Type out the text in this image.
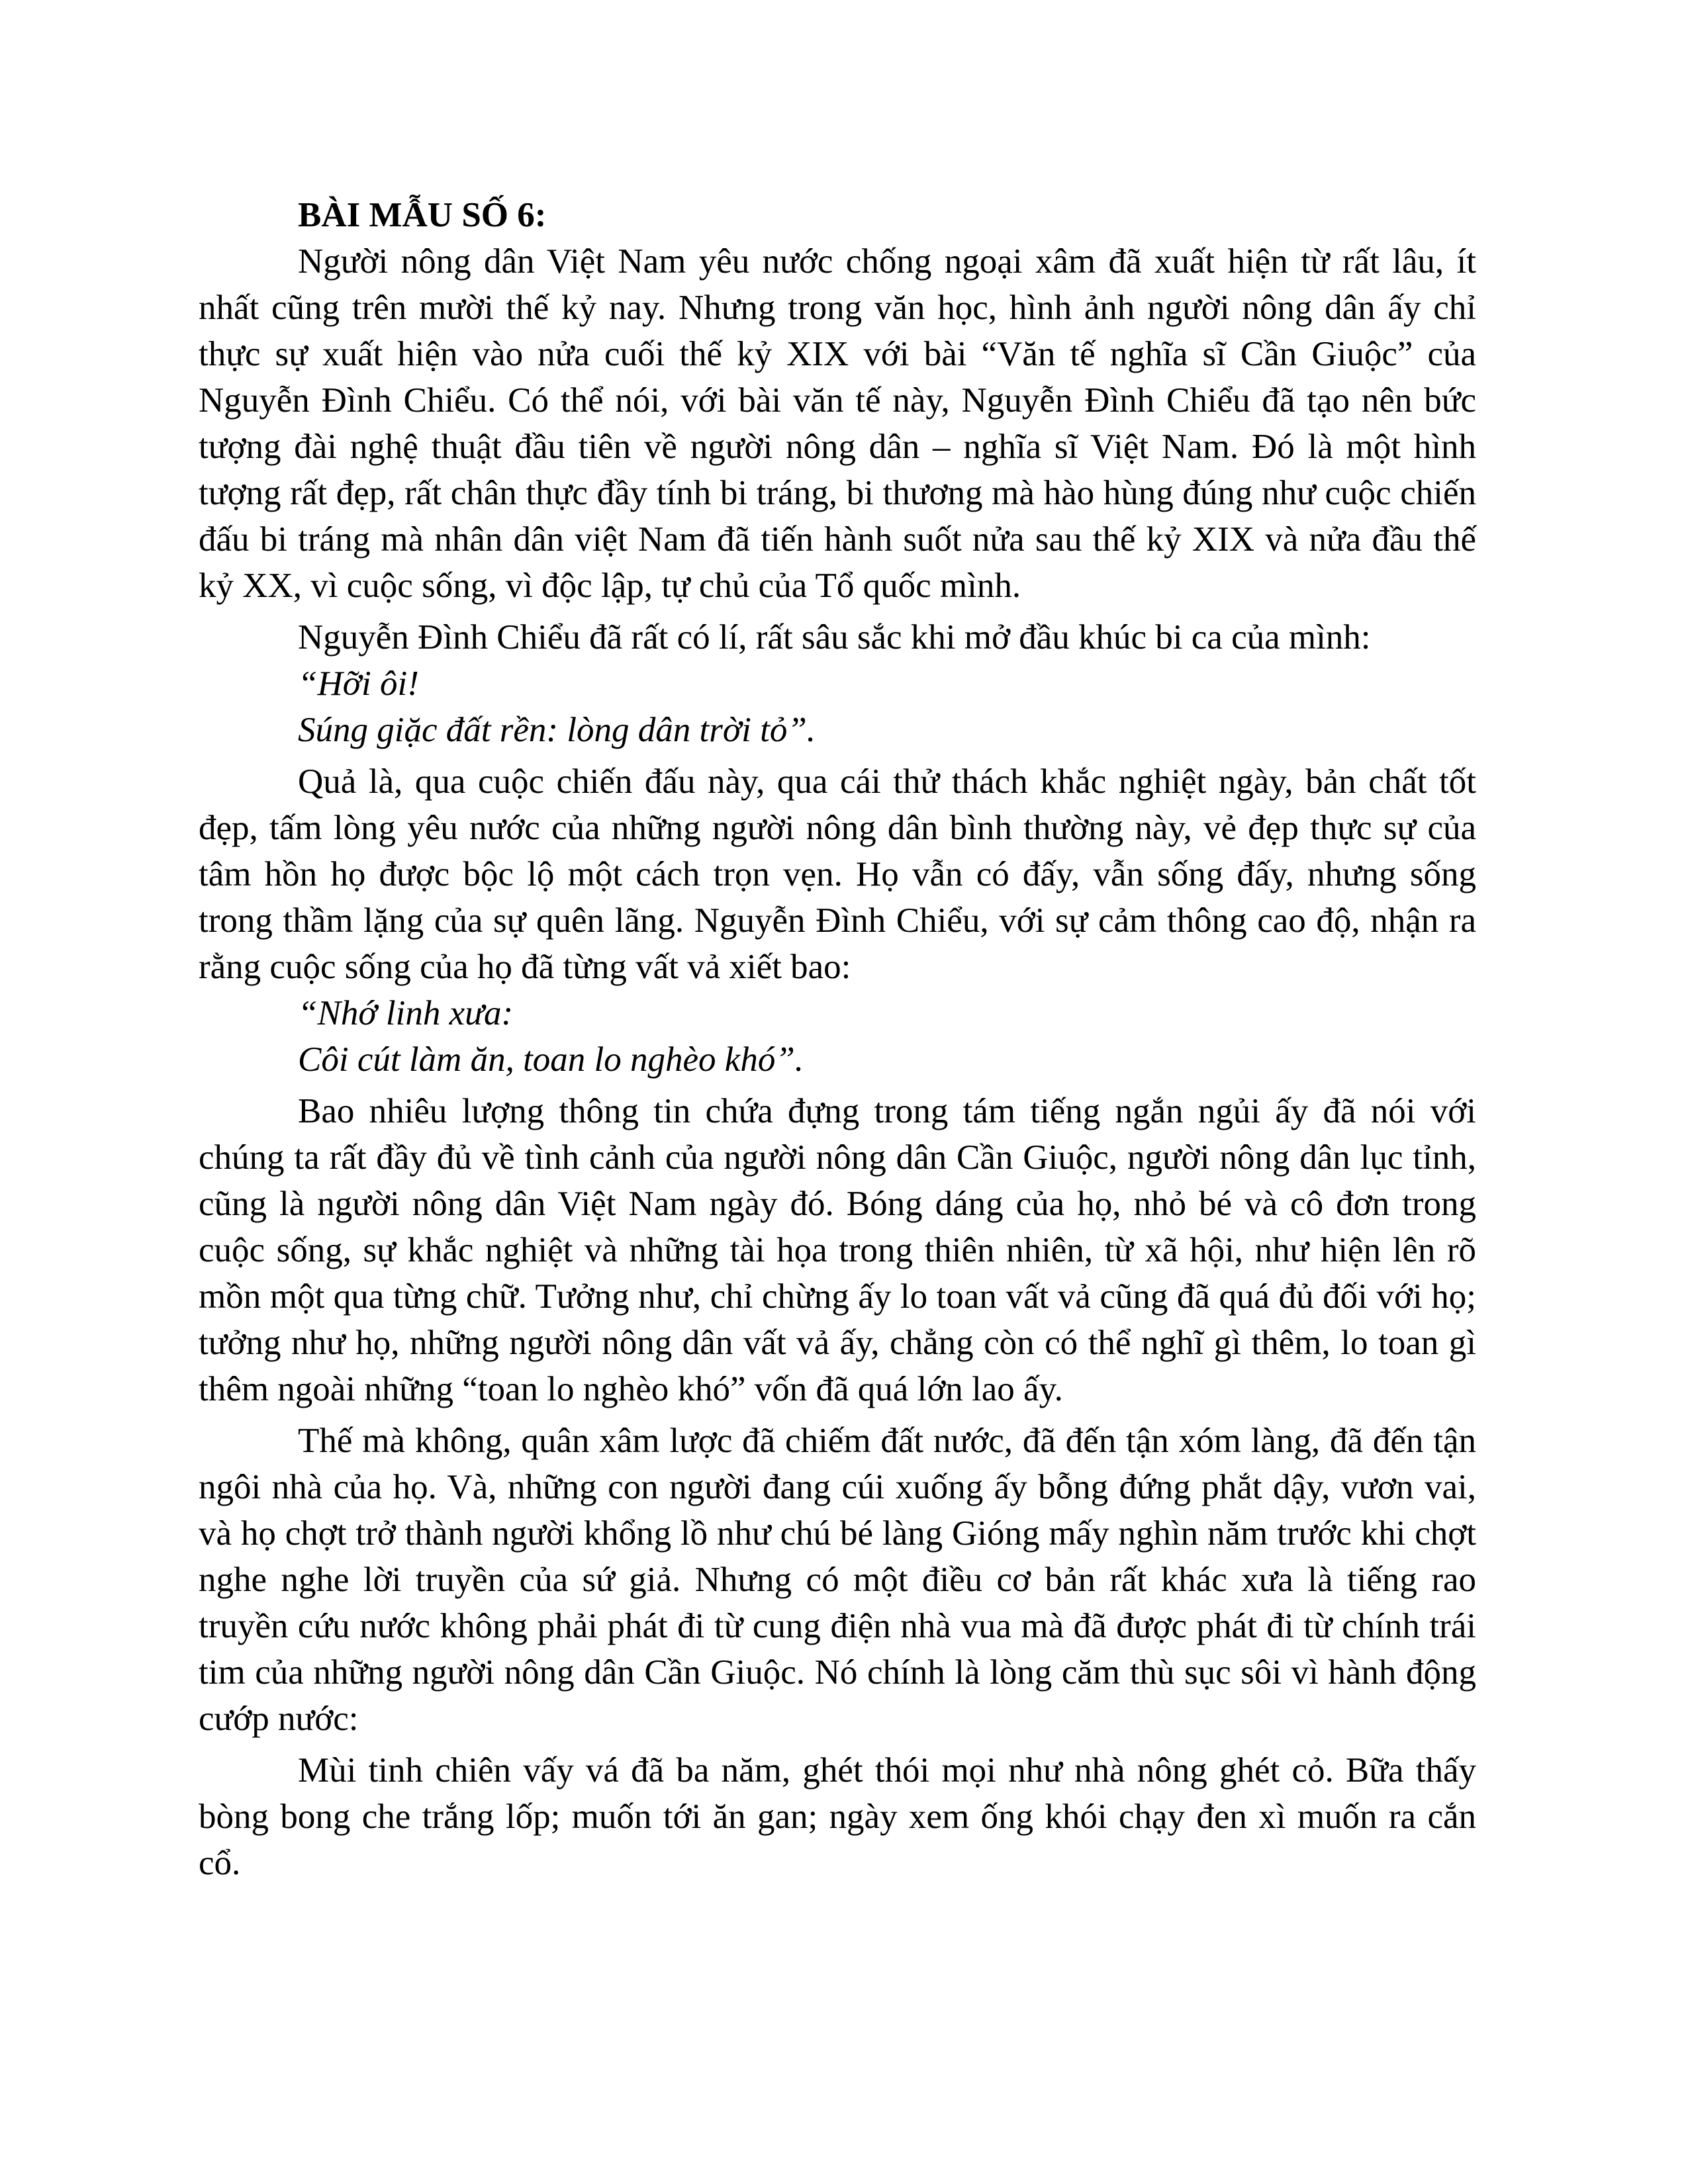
BÀI MẪU SỐ 6:

Người nông dân Việt Nam yêu nước chống ngoại xâm đã xuất hiện từ rất lâu, ít nhất cũng trên mười thế kỷ nay. Nhưng trong văn học, hình ảnh người nông dân ấy chỉ thực sự xuất hiện vào nửa cuối thế kỷ XIX với bài “Văn tế nghĩa sĩ Cần Giuộc” của Nguyễn Đình Chiểu. Có thể nói, với bài văn tế này, Nguyễn Đình Chiểu đã tạo nên bức tượng đài nghệ thuật đầu tiên về người nông dân – nghĩa sĩ Việt Nam. Đó là một hình tượng rất đẹp, rất chân thực đầy tính bi tráng, bi thương mà hào hùng đúng như cuộc chiến đấu bi tráng mà nhân dân việt Nam đã tiến hành suốt nửa sau thế kỷ XIX và nửa đầu thế kỷ XX, vì cuộc sống, vì độc lập, tự chủ của Tổ quốc mình.

Nguyễn Đình Chiểu đã rất có lí, rất sâu sắc khi mở đầu khúc bi ca của mình:

“Hỡi ôi!

Súng giặc đất rền: lòng dân trời tỏ”.

Quả là, qua cuộc chiến đấu này, qua cái thử thách khắc nghiệt ngày, bản chất tốt đẹp, tấm lòng yêu nước của những người nông dân bình thường này, vẻ đẹp thực sự của tâm hồn họ được bộc lộ một cách trọn vẹn. Họ vẫn có đấy, vẫn sống đấy, nhưng sống trong thầm lặng của sự quên lãng. Nguyễn Đình Chiểu, với sự cảm thông cao độ, nhận ra rằng cuộc sống của họ đã từng vất vả xiết bao:

“Nhớ linh xưa:

Côi cút làm ăn, toan lo nghèo khó”.

Bao nhiêu lượng thông tin chứa đựng trong tám tiếng ngắn ngủi ấy đã nói với chúng ta rất đầy đủ về tình cảnh của người nông dân Cần Giuộc, người nông dân lục tỉnh, cũng là người nông dân Việt Nam ngày đó. Bóng dáng của họ, nhỏ bé và cô đơn trong cuộc sống, sự khắc nghiệt và những tài họa trong thiên nhiên, từ xã hội, như hiện lên rõ mồn một qua từng chữ. Tưởng như, chỉ chừng ấy lo toan vất vả cũng đã quá đủ đối với họ; tưởng như họ, những người nông dân vất vả ấy, chẳng còn có thể nghĩ gì thêm, lo toan gì thêm ngoài những “toan lo nghèo khó” vốn đã quá lớn lao ấy.

Thế mà không, quân xâm lược đã chiếm đất nước, đã đến tận xóm làng, đã đến tận ngôi nhà của họ. Và, những con người đang cúi xuống ấy bỗng đứng phắt dậy, vươn vai, và họ chợt trở thành người khổng lồ như chú bé làng Gióng mấy nghìn năm trước khi chợt nghe nghe lời truyền của sứ giả. Nhưng có một điều cơ bản rất khác xưa là tiếng rao truyền cứu nước không phải phát đi từ cung điện nhà vua mà đã được phát đi từ chính trái tim của những người nông dân Cần Giuộc. Nó chính là lòng căm thù sục sôi vì hành động cướp nước:

Mùi tinh chiên vấy vá đã ba năm, ghét thói mọi như nhà nông ghét cỏ. Bữa thấy bòng bong che trắng lốp; muốn tới ăn gan; ngày xem ống khói chạy đen xì muốn ra cắn cổ.
